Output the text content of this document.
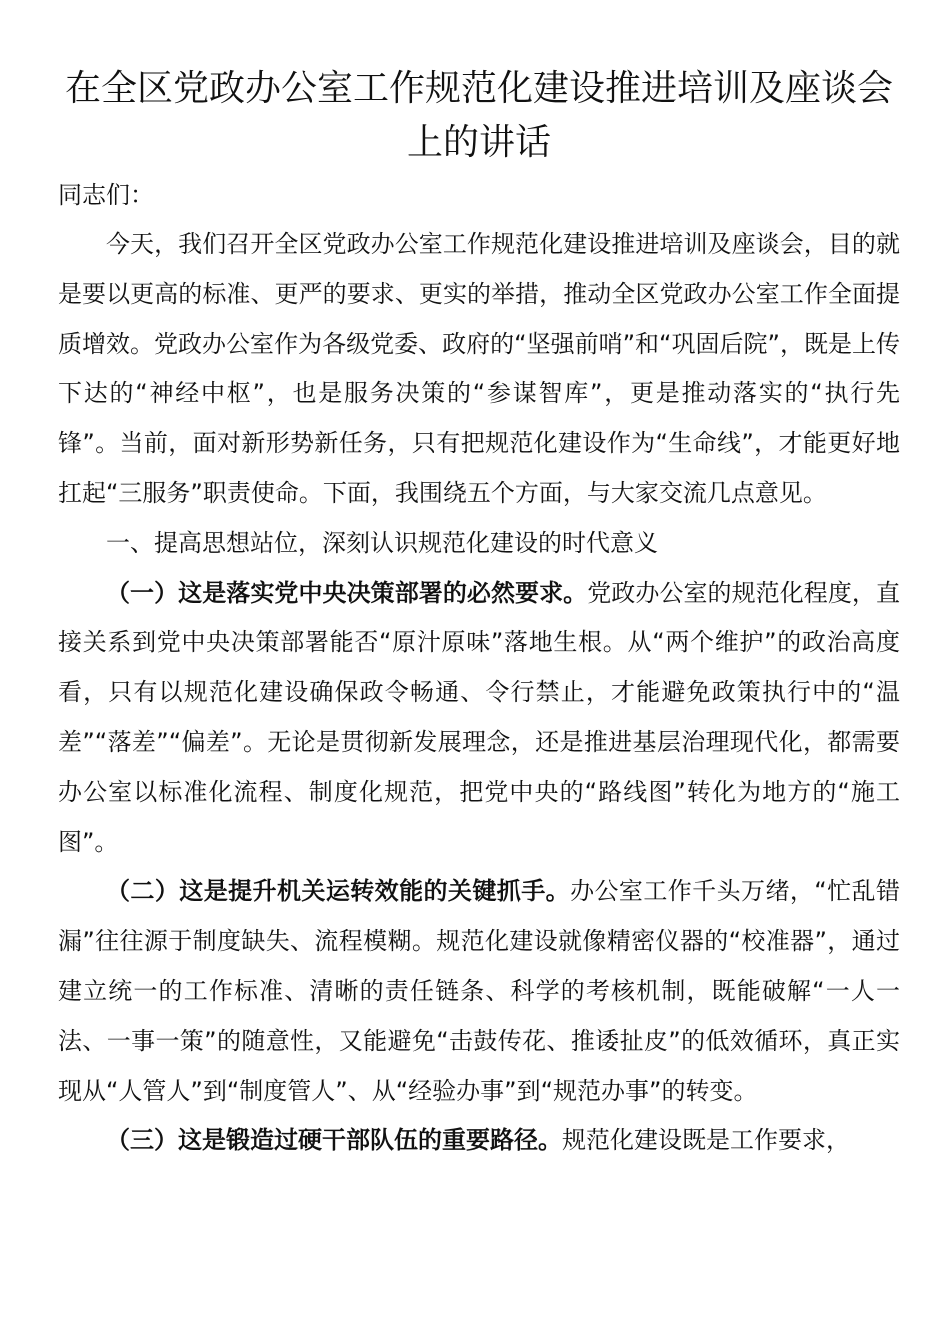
在全区党政办公室工作规范化建设推进培训及座谈会上的讲话

同志们：

今天，我们召开全区党政办公室工作规范化建设推进培训及座谈会，目的就是要以更高的标准、更严的要求、更实的举措，推动全区党政办公室工作全面提质增效。党政办公室作为各级党委、政府的“坚强前哨”和“巩固后院”，既是上传下达的“神经中枢”，也是服务决策的“参谋智库”，更是推动落实的“执行先锋”。当前，面对新形势新任务，只有把规范化建设作为“生命线”，才能更好地扛起“三服务”职责使命。下面，我围绕五个方面，与大家交流几点意见。

一、提高思想站位，深刻认识规范化建设的时代意义

（一）这是落实党中央决策部署的必然要求。党政办公室的规范化程度，直接关系到党中央决策部署能否“原汁原味”落地生根。从“两个维护”的政治高度看，只有以规范化建设确保政令畅通、令行禁止，才能避免政策执行中的“温差”“落差”“偏差”。无论是贯彻新发展理念，还是推进基层治理现代化，都需要办公室以标准化流程、制度化规范，把党中央的“路线图”转化为地方的“施工图”。

（二）这是提升机关运转效能的关键抓手。办公室工作千头万绪，“忙乱错漏”往往源于制度缺失、流程模糊。规范化建设就像精密仪器的“校准器”，通过建立统一的工作标准、清晰的责任链条、科学的考核机制，既能破解“一人一法、一事一策”的随意性，又能避免“击鼓传花、推诿扯皮”的低效循环，真正实现从“人管人”到“制度管人”、从“经验办事”到“规范办事”的转变。

（三）这是锻造过硬干部队伍的重要路径。规范化建设既是工作要求，
